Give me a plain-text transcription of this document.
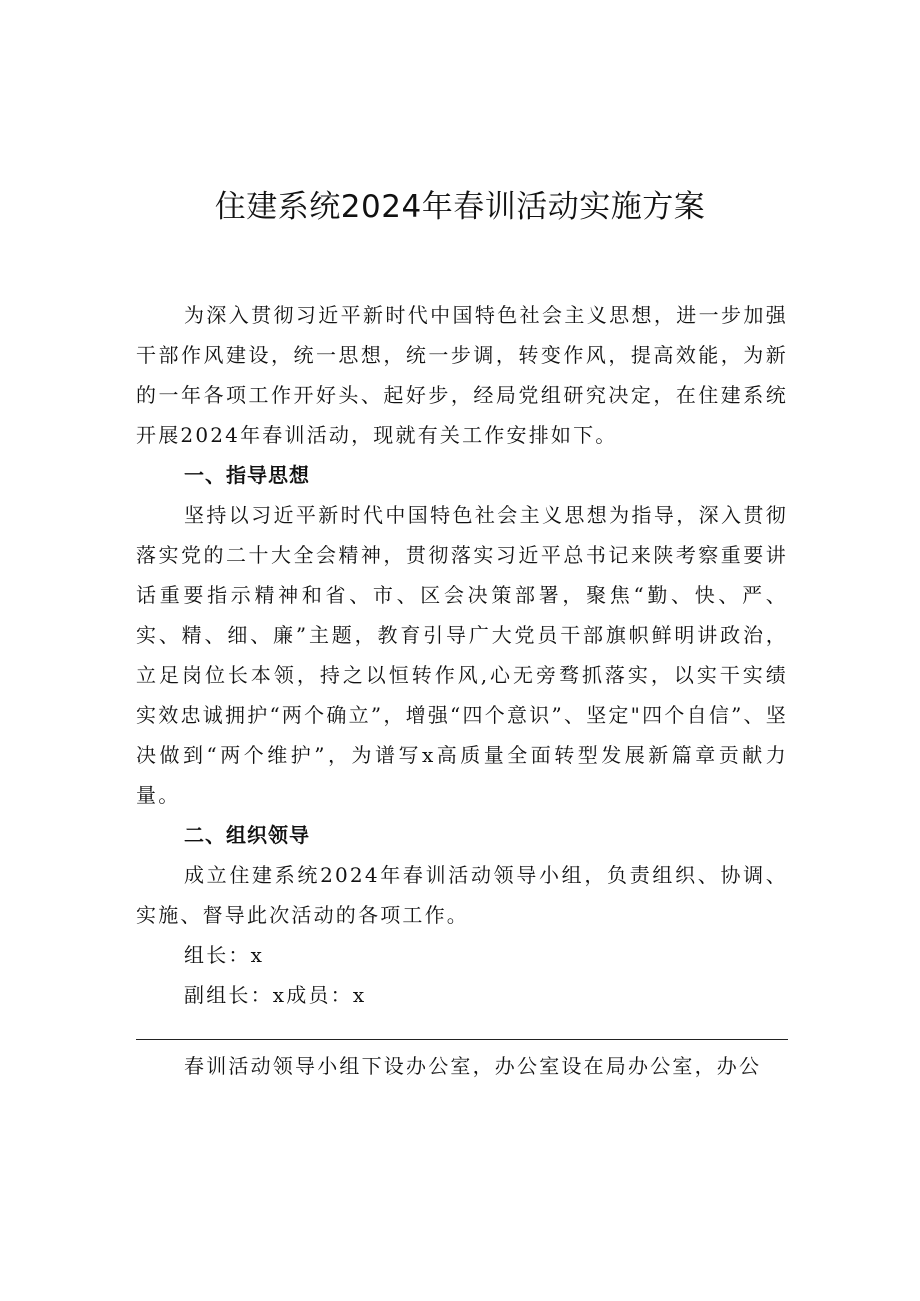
住建系统2024年春训活动实施方案

为深入贯彻习近平新时代中国特色社会主义思想，进一步加强干部作风建设，统一思想，统一步调，转变作风，提高效能，为新的一年各项工作开好头、起好步，经局党组研究决定，在住建系统开展2024年春训活动，现就有关工作安排如下。

一、指导思想

坚持以习近平新时代中国特色社会主义思想为指导，深入贯彻落实党的二十大全会精神，贯彻落实习近平总书记来陕考察重要讲话重要指示精神和省、市、区会决策部署，聚焦“勤、快、严、实、精、细、廉”主题，教育引导广大党员干部旗帜鲜明讲政治，立足岗位长本领，持之以恒转作风,心无旁骛抓落实，以实干实绩实效忠诚拥护“两个确立”，增强“四个意识”、坚定"四个自信”、坚决做到“两个维护”，为谱写x高质量全面转型发展新篇章贡献力量。

二、组织领导

成立住建系统2024年春训活动领导小组，负责组织、协调、实施、督导此次活动的各项工作。

组长：x
副组长：x成员：x

春训活动领导小组下设办公室，办公室设在局办公室，办公
